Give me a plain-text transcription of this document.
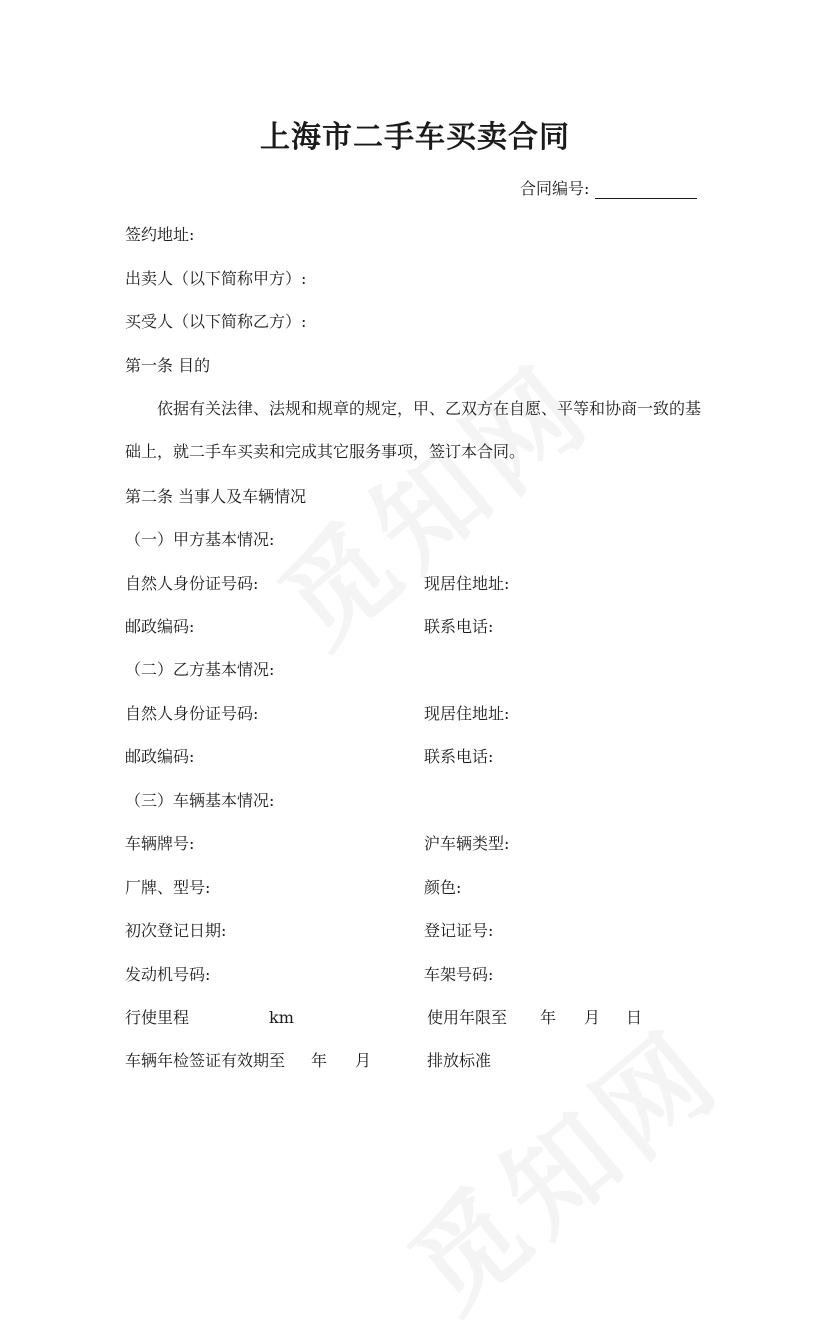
上海市二手车买卖合同
合同编号:
签约地址:
出卖人（以下简称甲方）:
买受人（以下简称乙方）:
第一条 目的

依据有关法律、法规和规章的规定，甲、乙双方在自愿、平等和协商一致的基础上，就二手车买卖和完成其它服务事项，签订本合同。

第二条 当事人及车辆情况
（一）甲方基本情况:
自然人身份证号码:	现居住地址:
邮政编码:	联系电话:
（二）乙方基本情况:
自然人身份证号码:	现居住地址:
邮政编码:	联系电话:
（三）车辆基本情况:
车辆牌号:	沪车辆类型:
厂牌、型号:	颜色:
初次登记日期:	登记证号:
发动机号码:	车架号码:
行使里程	km	使用年限至 年 月 日
车辆年检签证有效期至 年 月	排放标准
